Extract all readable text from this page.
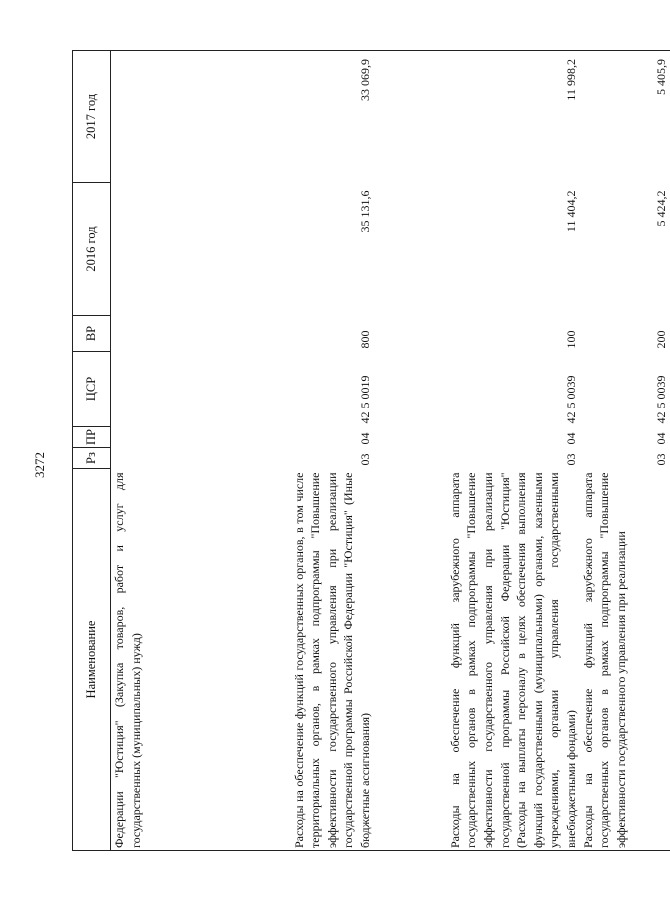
3272
Наименование	Рз	ПР	ЦСР	ВР	2016 год	2017 год
Федерации "Юстиция" (Закупка товаров, работ и услуг для государственных (муниципальных) нужд)						
Расходы на обеспечение функций государственных органов, в том числе территориальных органов, в рамках подпрограммы "Повышение эффективности государственного управления при реализации государственной программы Российской Федерации "Юстиция" (Иные бюджетные ассигнования)	03	04	42 5 0019	800	35 131,6	33 069,9
Расходы на обеспечение функций зарубежного аппарата государственных органов в рамках подпрограммы "Повышение эффективности государственного управления при реализации государственной программы Российской Федерации "Юстиция" (Расходы на выплаты персоналу в целях обеспечения выполнения функций государственными (муниципальными) органами, казенными учреждениями, органами управления государственными внебюджетными фондами)	03	04	42 5 0039	100	11 404,2	11 998,2
Расходы на обеспечение функций зарубежного аппарата государственных органов в рамках подпрограммы "Повышение эффективности государственного управления при реализации	03	04	42 5 0039	200	5 424,2	5 405,9
